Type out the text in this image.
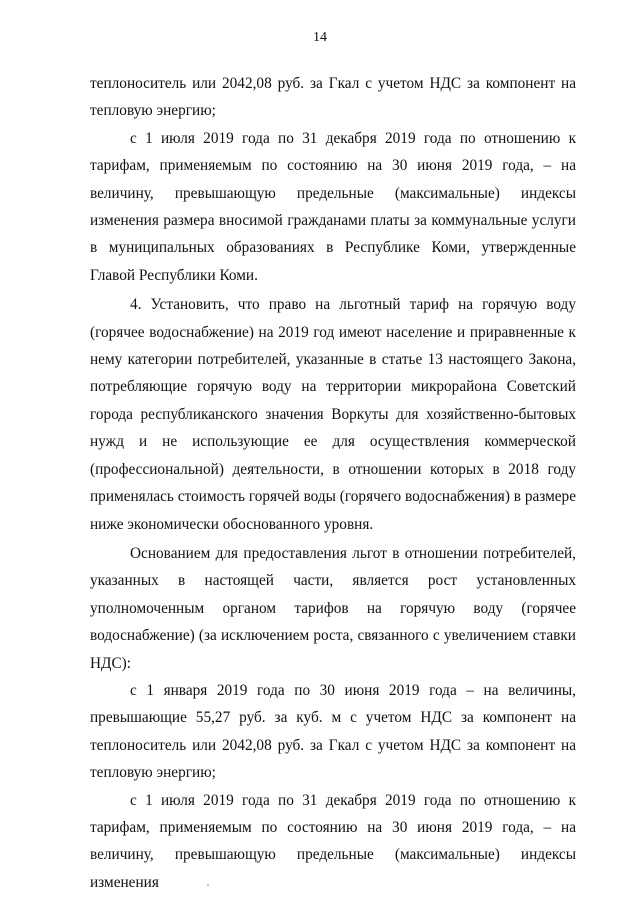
14

теплоноситель или 2042,08 руб. за Гкал с учетом НДС за компонент на тепловую энергию;

с 1 июля 2019 года по 31 декабря 2019 года по отношению к тарифам, применяемым по состоянию на 30 июня 2019 года, – на величину, превышающую предельные (максимальные) индексы изменения размера вносимой гражданами платы за коммунальные услуги в муниципальных образованиях в Республике Коми, утвержденные Главой Республики Коми.

4. Установить, что право на льготный тариф на горячую воду (горячее водоснабжение) на 2019 год имеют население и приравненные к нему категории потребителей, указанные в статье 13 настоящего Закона, потребляющие горячую воду на территории микрорайона Советский города республиканского значения Воркуты для хозяйственно-бытовых нужд и не использующие ее для осуществления коммерческой (профессиональной) деятельности, в отношении которых в 2018 году применялась стоимость горячей воды (горячего водоснабжения) в размере ниже экономически обоснованного уровня.

Основанием для предоставления льгот в отношении потребителей, указанных в настоящей части, является рост установленных уполномоченным органом тарифов на горячую воду (горячее водоснабжение) (за исключением роста, связанного с увеличением ставки НДС):

с 1 января 2019 года по 30 июня 2019 года – на величины, превышающие 55,27 руб. за куб. м с учетом НДС за компонент на теплоноситель или 2042,08 руб. за Гкал с учетом НДС за компонент на тепловую энергию;

с 1 июля 2019 года по 31 декабря 2019 года по отношению к тарифам, применяемым по состоянию на 30 июня 2019 года, – на величину, превышающую предельные (максимальные) индексы изменения
